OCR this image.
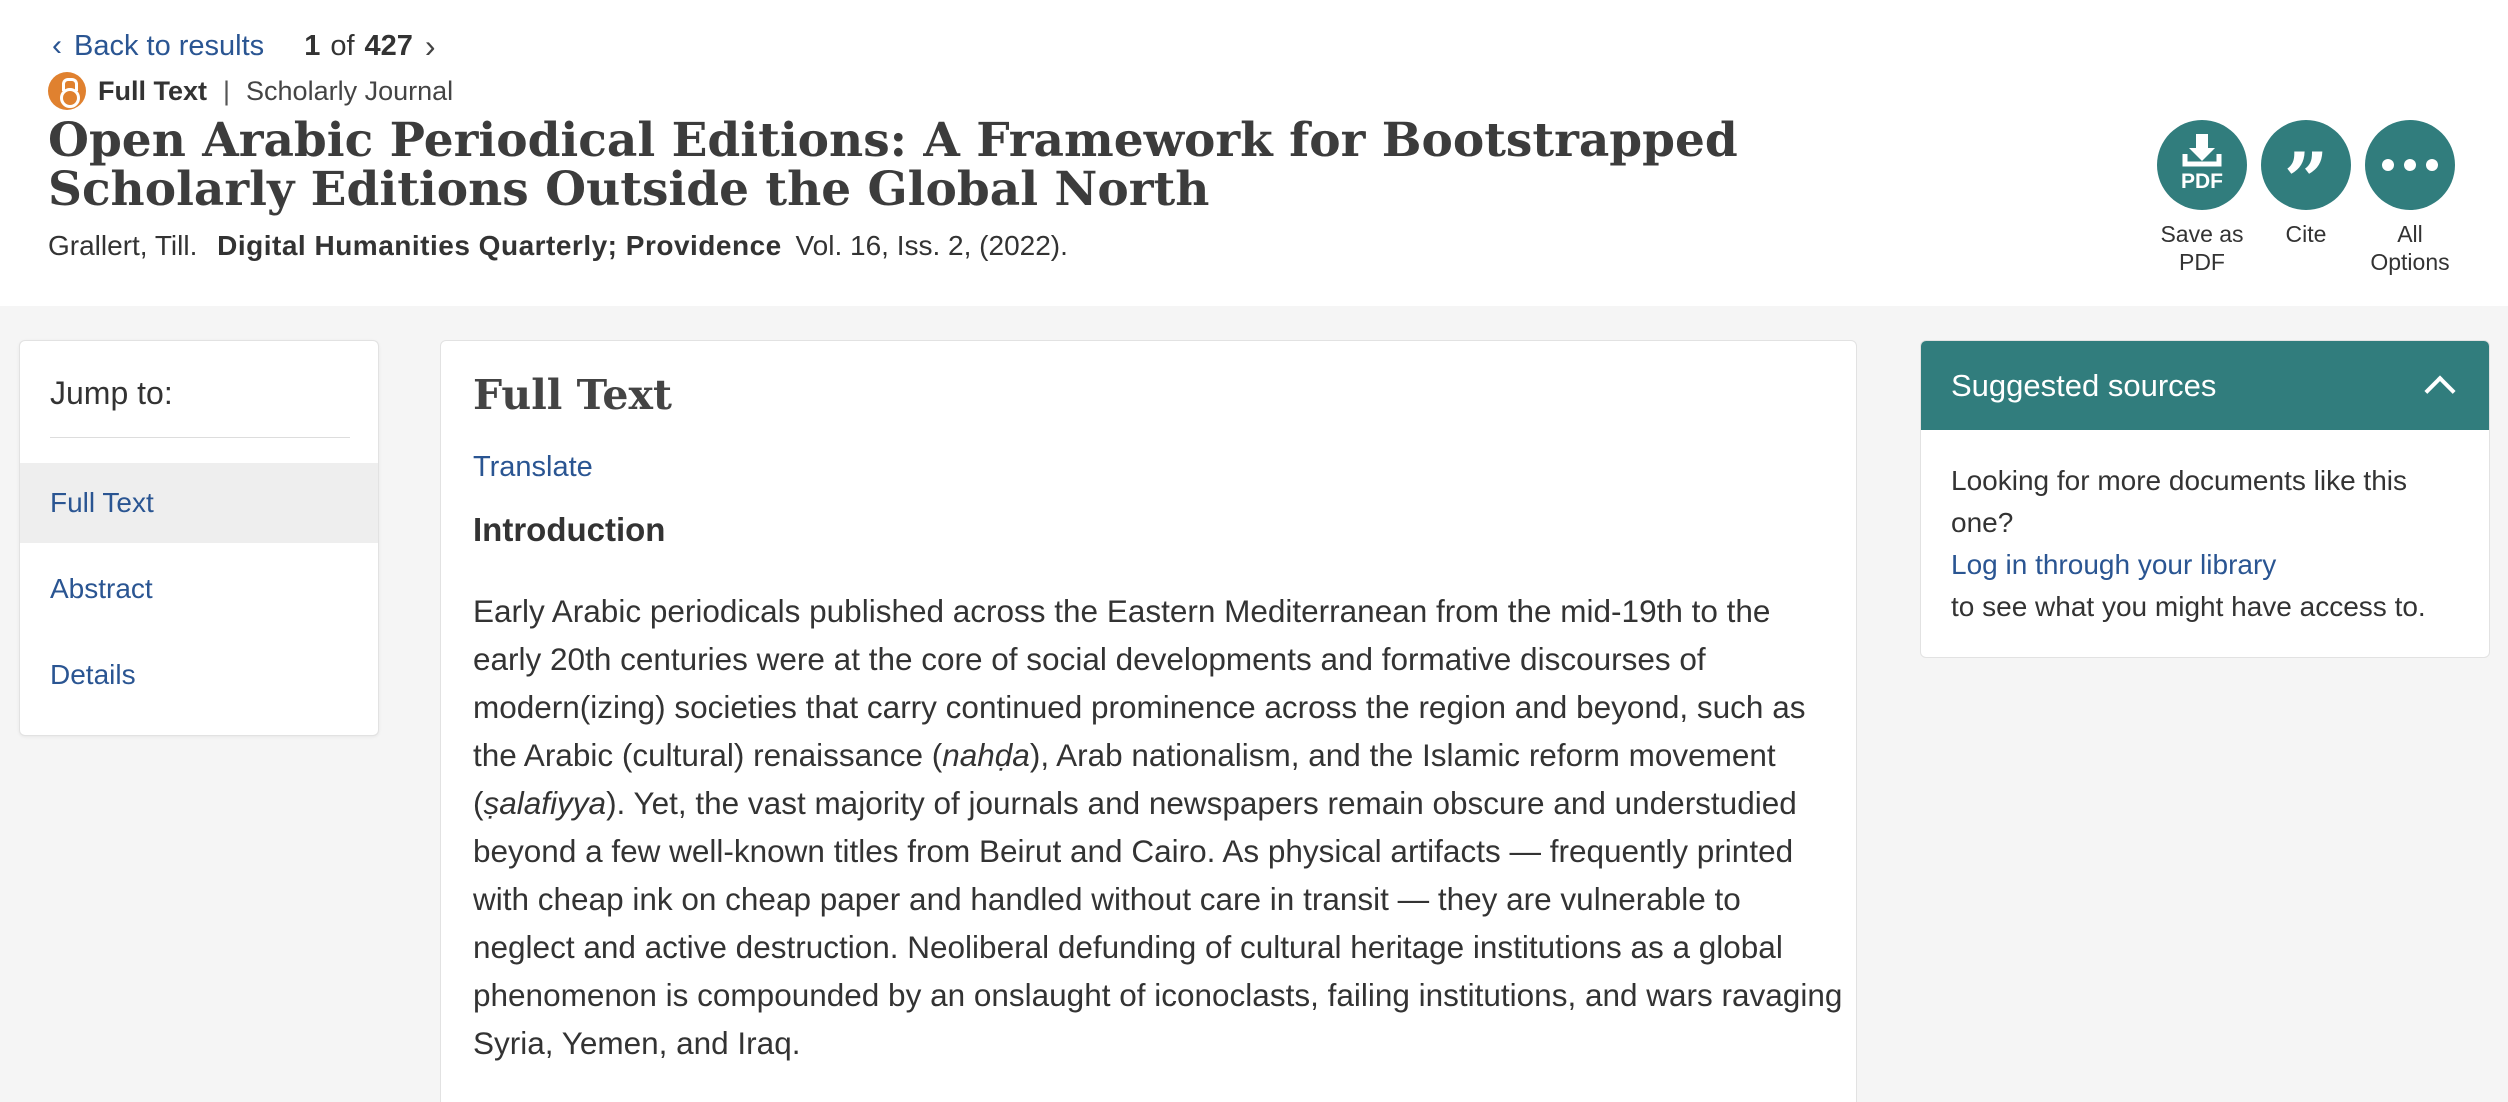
‹ Back to results 1 of 427 ›
Full Text | Scholarly Journal
Open Arabic Periodical Editions: A Framework for Bootstrapped Scholarly Editions Outside the Global North
Grallert, Till. Digital Humanities Quarterly; Providence Vol. 16, Iss. 2, (2022).
PDF
Save as
PDF
”
Cite	All
Options
Jump to:
Full Text
Abstract
Details
Full Text
Translate
Introduction

Early Arabic periodicals published across the Eastern Mediterranean from the mid-19th to the early 20th centuries were at the core of social developments and formative discourses of modern(izing) societies that carry continued prominence across the region and beyond, such as the Arabic (cultural) renaissance (nahḍa), Arab nationalism, and the Islamic reform movement (ṣalafiyya). Yet, the vast majority of journals and newspapers remain obscure and understudied beyond a few well-known titles from Beirut and Cairo. As physical artifacts — frequently printed with cheap ink on cheap paper and handled without care in transit — they are vulnerable to neglect and active destruction. Neoliberal defunding of cultural heritage institutions as a global phenomenon is compounded by an onslaught of iconoclasts, failing institutions, and wars ravaging Syria, Yemen, and Iraq.

Suggested sources
Looking for more documents like this one?
Log in through your library
to see what you might have access to.
